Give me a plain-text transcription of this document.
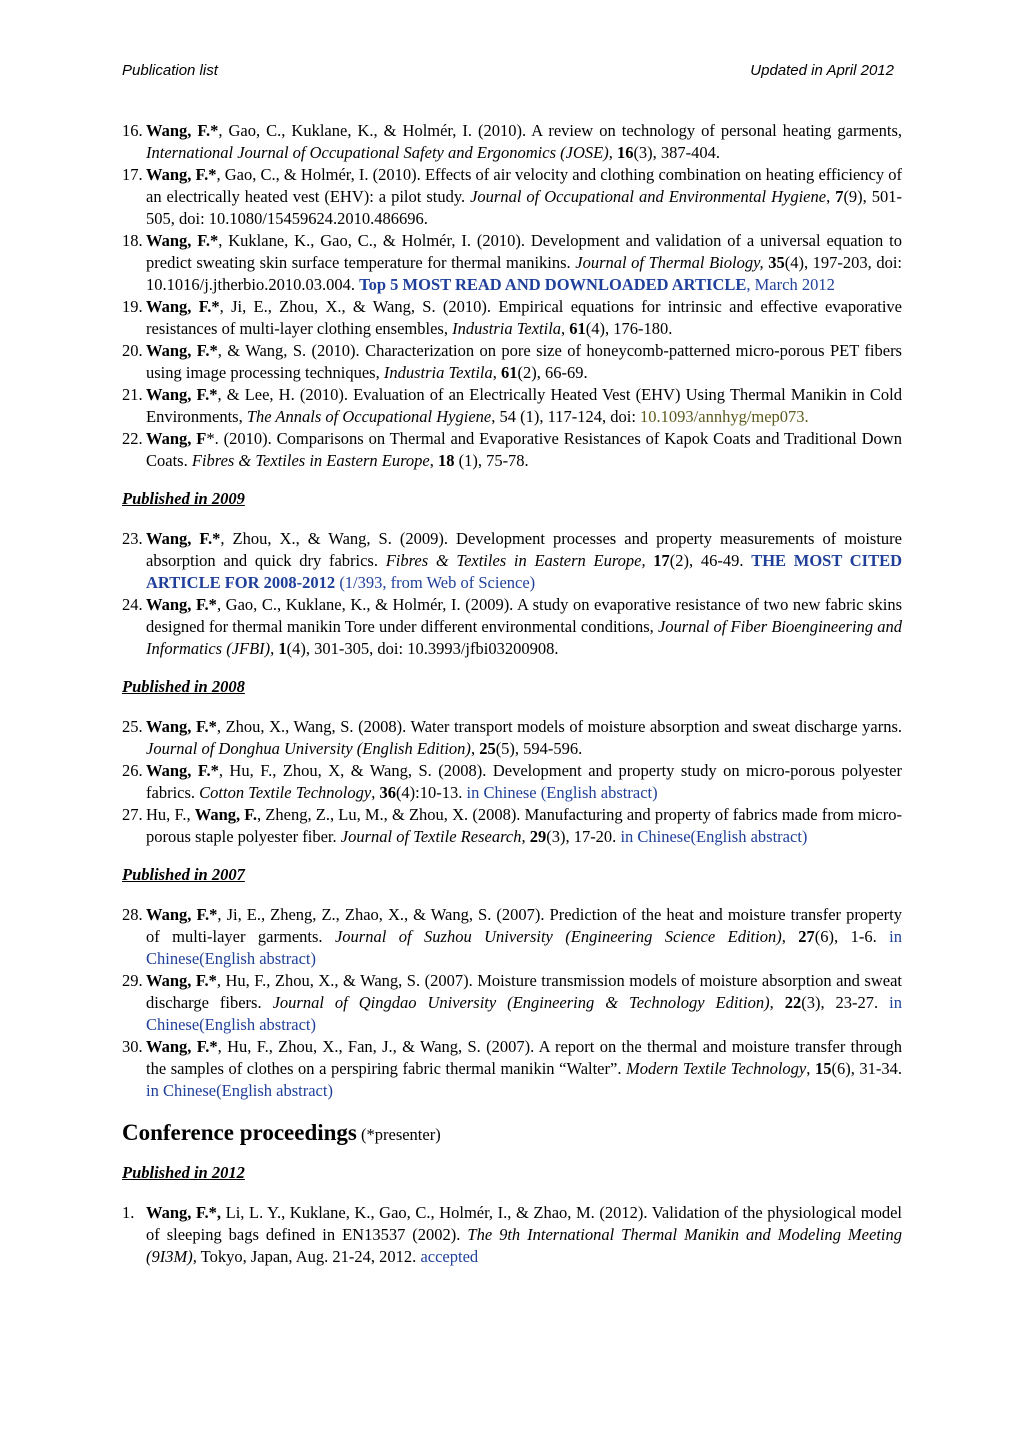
Publication list	Updated in April 2012
16. Wang, F.*, Gao, C., Kuklane, K., & Holmér, I. (2010). A review on technology of personal heating garments, International Journal of Occupational Safety and Ergonomics (JOSE), 16(3), 387-404.
17. Wang, F.*, Gao, C., & Holmér, I. (2010). Effects of air velocity and clothing combination on heating efficiency of an electrically heated vest (EHV): a pilot study. Journal of Occupational and Environmental Hygiene, 7(9), 501-505, doi: 10.1080/15459624.2010.486696.
18. Wang, F.*, Kuklane, K., Gao, C., & Holmér, I. (2010). Development and validation of a universal equation to predict sweating skin surface temperature for thermal manikins. Journal of Thermal Biology, 35(4), 197-203, doi: 10.1016/j.jtherbio.2010.03.004. Top 5 MOST READ AND DOWNLOADED ARTICLE, March 2012
19. Wang, F.*, Ji, E., Zhou, X., & Wang, S. (2010). Empirical equations for intrinsic and effective evaporative resistances of multi-layer clothing ensembles, Industria Textila, 61(4), 176-180.
20. Wang, F.*, & Wang, S. (2010). Characterization on pore size of honeycomb-patterned micro-porous PET fibers using image processing techniques, Industria Textila, 61(2), 66-69.
21. Wang, F.*, & Lee, H. (2010). Evaluation of an Electrically Heated Vest (EHV) Using Thermal Manikin in Cold Environments, The Annals of Occupational Hygiene, 54 (1), 117-124, doi: 10.1093/annhyg/mep073.
22. Wang, F*. (2010). Comparisons on Thermal and Evaporative Resistances of Kapok Coats and Traditional Down Coats. Fibres & Textiles in Eastern Europe, 18 (1), 75-78.
Published in 2009
23. Wang, F.*, Zhou, X., & Wang, S. (2009). Development processes and property measurements of moisture absorption and quick dry fabrics. Fibres & Textiles in Eastern Europe, 17(2), 46-49. THE MOST CITED ARTICLE FOR 2008-2012 (1/393, from Web of Science)
24. Wang, F.*, Gao, C., Kuklane, K., & Holmér, I. (2009). A study on evaporative resistance of two new fabric skins designed for thermal manikin Tore under different environmental conditions, Journal of Fiber Bioengineering and Informatics (JFBI), 1(4), 301-305, doi: 10.3993/jfbi03200908.
Published in 2008
25. Wang, F.*, Zhou, X., Wang, S. (2008). Water transport models of moisture absorption and sweat discharge yarns. Journal of Donghua University (English Edition), 25(5), 594-596.
26. Wang, F.*, Hu, F., Zhou, X, & Wang, S. (2008). Development and property study on micro-porous polyester fabrics. Cotton Textile Technology, 36(4):10-13. in Chinese (English abstract)
27. Hu, F., Wang, F., Zheng, Z., Lu, M., & Zhou, X. (2008). Manufacturing and property of fabrics made from micro-porous staple polyester fiber. Journal of Textile Research, 29(3), 17-20. in Chinese(English abstract)
Published in 2007
28. Wang, F.*, Ji, E., Zheng, Z., Zhao, X., & Wang, S. (2007). Prediction of the heat and moisture transfer property of multi-layer garments. Journal of Suzhou University (Engineering Science Edition), 27(6), 1-6. in Chinese(English abstract)
29. Wang, F.*, Hu, F., Zhou, X., & Wang, S. (2007). Moisture transmission models of moisture absorption and sweat discharge fibers. Journal of Qingdao University (Engineering & Technology Edition), 22(3), 23-27. in Chinese(English abstract)
30. Wang, F.*, Hu, F., Zhou, X., Fan, J., & Wang, S. (2007). A report on the thermal and moisture transfer through the samples of clothes on a perspiring fabric thermal manikin “Walter”. Modern Textile Technology, 15(6), 31-34. in Chinese(English abstract)
Conference proceedings (*presenter)
Published in 2012
1. Wang, F.*, Li, L. Y., Kuklane, K., Gao, C., Holmér, I., & Zhao, M. (2012). Validation of the physiological model of sleeping bags defined in EN13537 (2002). The 9th International Thermal Manikin and Modeling Meeting (9I3M), Tokyo, Japan, Aug. 21-24, 2012. accepted
